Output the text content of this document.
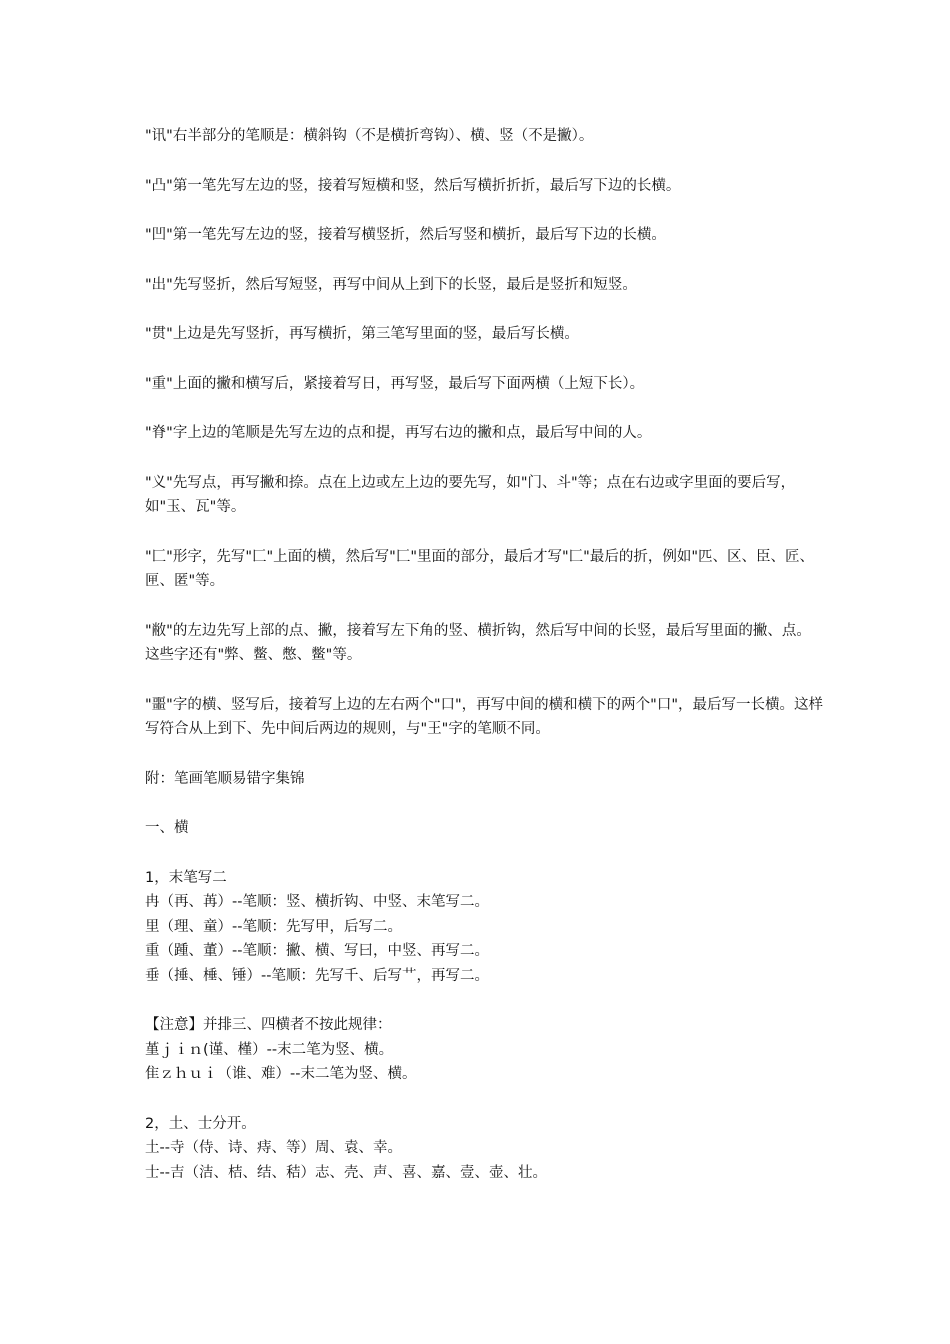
"讯"右半部分的笔顺是：横斜钩（不是横折弯钩）、横、竖（不是撇）。

"凸"第一笔先写左边的竖，接着写短横和竖，然后写横折折折，最后写下边的长横。

"凹"第一笔先写左边的竖，接着写横竖折，然后写竖和横折，最后写下边的长横。

"出"先写竖折，然后写短竖，再写中间从上到下的长竖，最后是竖折和短竖。

"贯"上边是先写竖折，再写横折，第三笔写里面的竖，最后写长横。

"重"上面的撇和横写后，紧接着写日，再写竖，最后写下面两横（上短下长）。

"脊"字上边的笔顺是先写左边的点和提，再写右边的撇和点，最后写中间的人。

"义"先写点，再写撇和捺。点在上边或左上边的要先写，如"门、斗"等；点在右边或字里面的要后写，如"玉、瓦"等。

"匚"形字，先写"匚"上面的横，然后写"匚"里面的部分，最后才写"匚"最后的折，例如"匹、区、臣、匠、匣、匿"等。

"敝"的左边先写上部的点、撇，接着写左下角的竖、横折钩，然后写中间的长竖，最后写里面的撇、点。这些字还有"弊、鳖、憋、鳖"等。

"噩"字的横、竖写后，接着写上边的左右两个"口"，再写中间的横和横下的两个"口"，最后写一长横。这样写符合从上到下、先中间后两边的规则，与"王"字的笔顺不同。

附：笔画笔顺易错字集锦

一、横

1，末笔写二

冉（再、苒）--笔顺：竖、横折钩、中竖、末笔写二。

里（理、童）--笔顺：先写甲，后写二。

重（踵、董）--笔顺：撇、横、写曰，中竖、再写二。

垂（捶、棰、锤）--笔顺：先写千、后写艹，再写二。

【注意】并排三、四横者不按此规律：

堇ｊｉｎ(谨、槿）--末二笔为竖、横。

隹ｚｈｕｉ（谁、难）--末二笔为竖、横。

2，土、士分开。

土--寺（侍、诗、痔、等）周、袁、幸。

士--吉（洁、桔、结、秸）志、壳、声、喜、嘉、壹、壶、壮。
